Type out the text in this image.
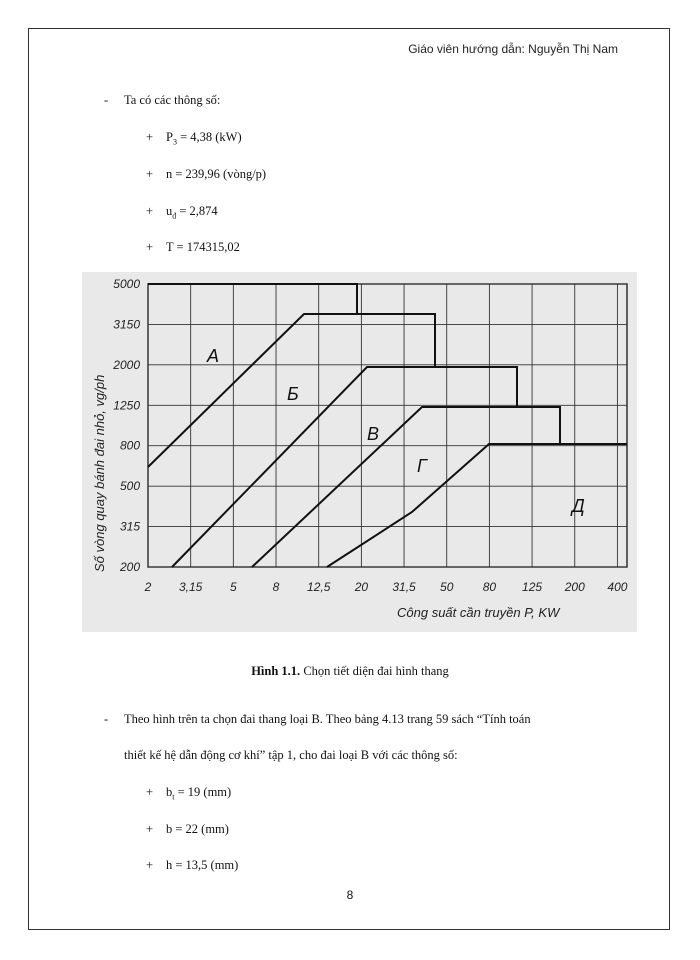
Giáo viên hướng dẫn: Nguyễn Thị Nam
- Ta có các thông số:
+ $P_3 = 4,38$ (kW)
+ n = 239,96 (vòng/p)
+ $u_đ = 2,874$
+ T = 174315,02
A
Б
B
Г
Д
2 3,15 5	8 12,5 20 31,5 50 80 125 200 400
200
315
500
800
1250
2000
3150
5000
Số vòng quay bánh đai nhỏ, vg/ph
Công suất cần truyền P, KW
Hình 1.1. Chọn tiết diện đai hình thang
- Theo hình trên ta chọn đai thang loại B. Theo bảng 4.13 trang 59 sách “Tính toán
thiết kế hệ dẫn động cơ khí” tập 1, cho đai loại B với các thông số:
+ $b_t = 19$ (mm)
+ b = 22 (mm)
+ h = 13,5 (mm)
8
